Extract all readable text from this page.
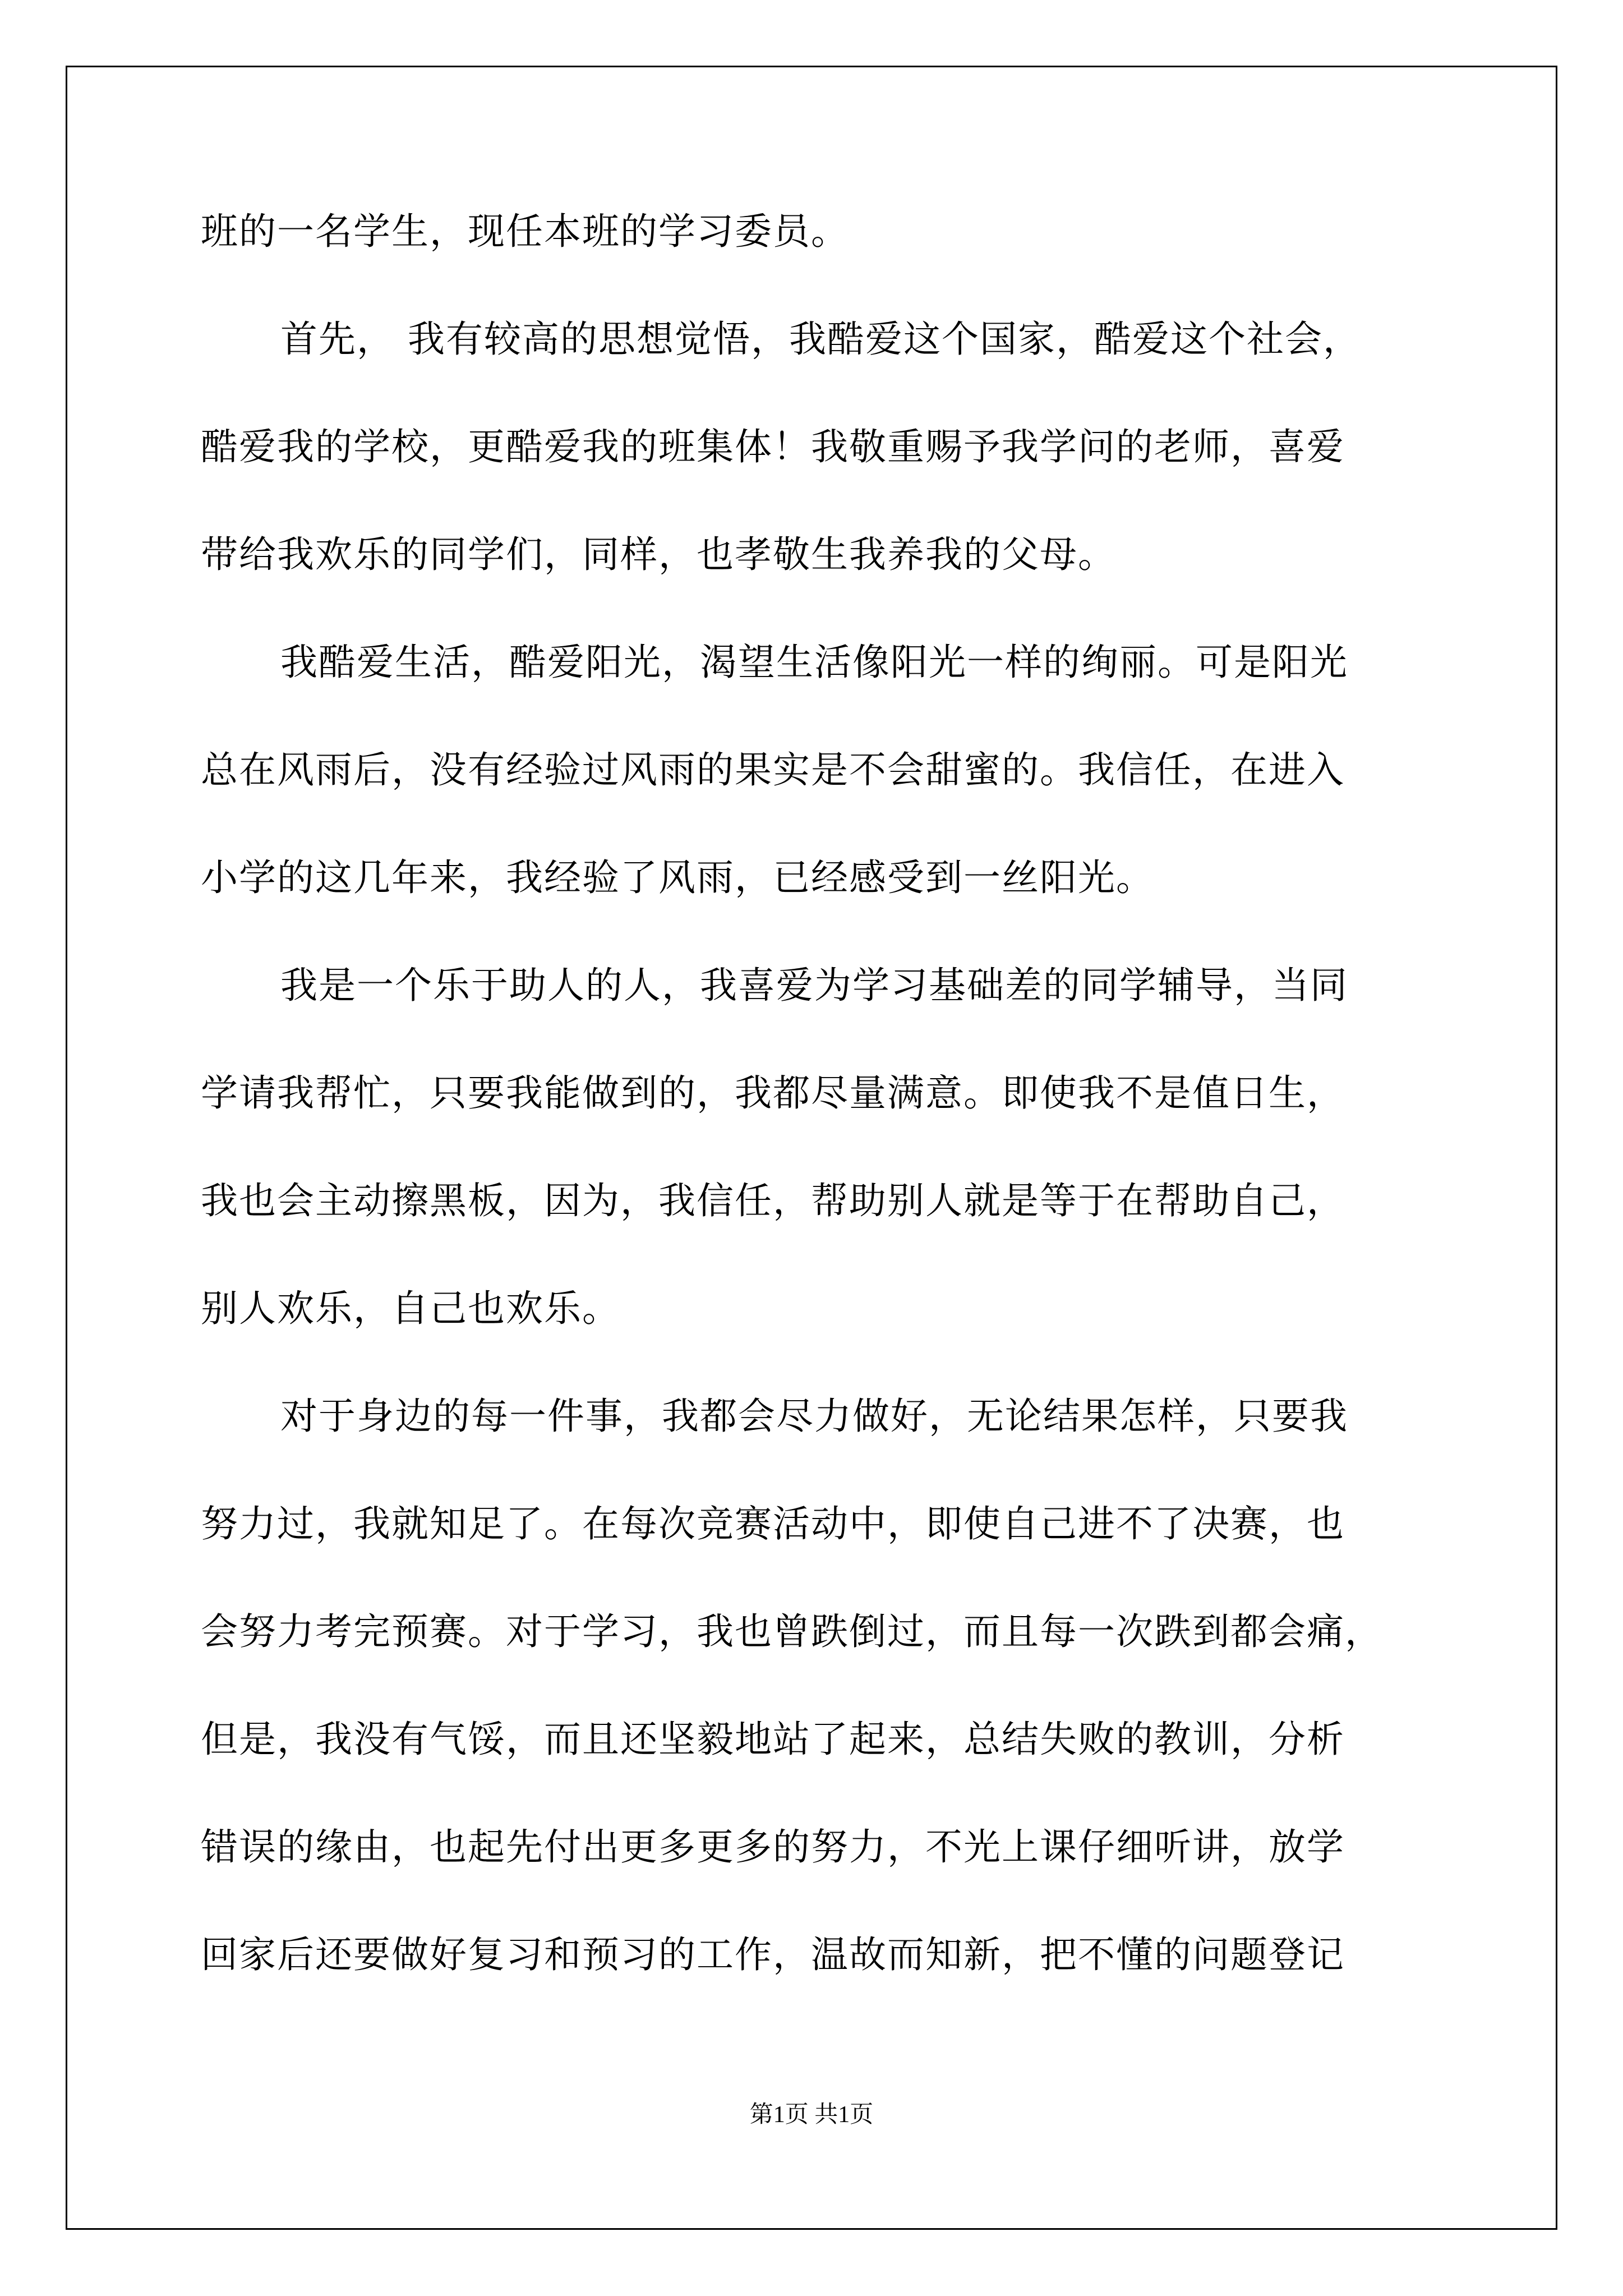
班的一名学生，现任本班的学习委员。
首先， 我有较高的思想觉悟，我酷爱这个国家，酷爱这个社会，
酷爱我的学校，更酷爱我的班集体！我敬重赐予我学问的老师，喜爱
带给我欢乐的同学们，同样，也孝敬生我养我的父母。
我酷爱生活，酷爱阳光，渴望生活像阳光一样的绚丽。可是阳光
总在风雨后，没有经验过风雨的果实是不会甜蜜的。我信任，在进入
小学的这几年来，我经验了风雨，已经感受到一丝阳光。
我是一个乐于助人的人，我喜爱为学习基础差的同学辅导，当同
学请我帮忙，只要我能做到的，我都尽量满意。即使我不是值日生，
我也会主动擦黑板，因为，我信任，帮助别人就是等于在帮助自己，
别人欢乐，自己也欢乐。
对于身边的每一件事，我都会尽力做好，无论结果怎样，只要我
努力过，我就知足了。在每次竞赛活动中，即使自己进不了决赛，也
会努力考完预赛。对于学习，我也曾跌倒过，而且每一次跌到都会痛，
但是，我没有气馁，而且还坚毅地站了起来，总结失败的教训，分析
错误的缘由，也起先付出更多更多的努力，不光上课仔细听讲，放学
回家后还要做好复习和预习的工作，温故而知新，把不懂的问题登记
第1页 共1页
